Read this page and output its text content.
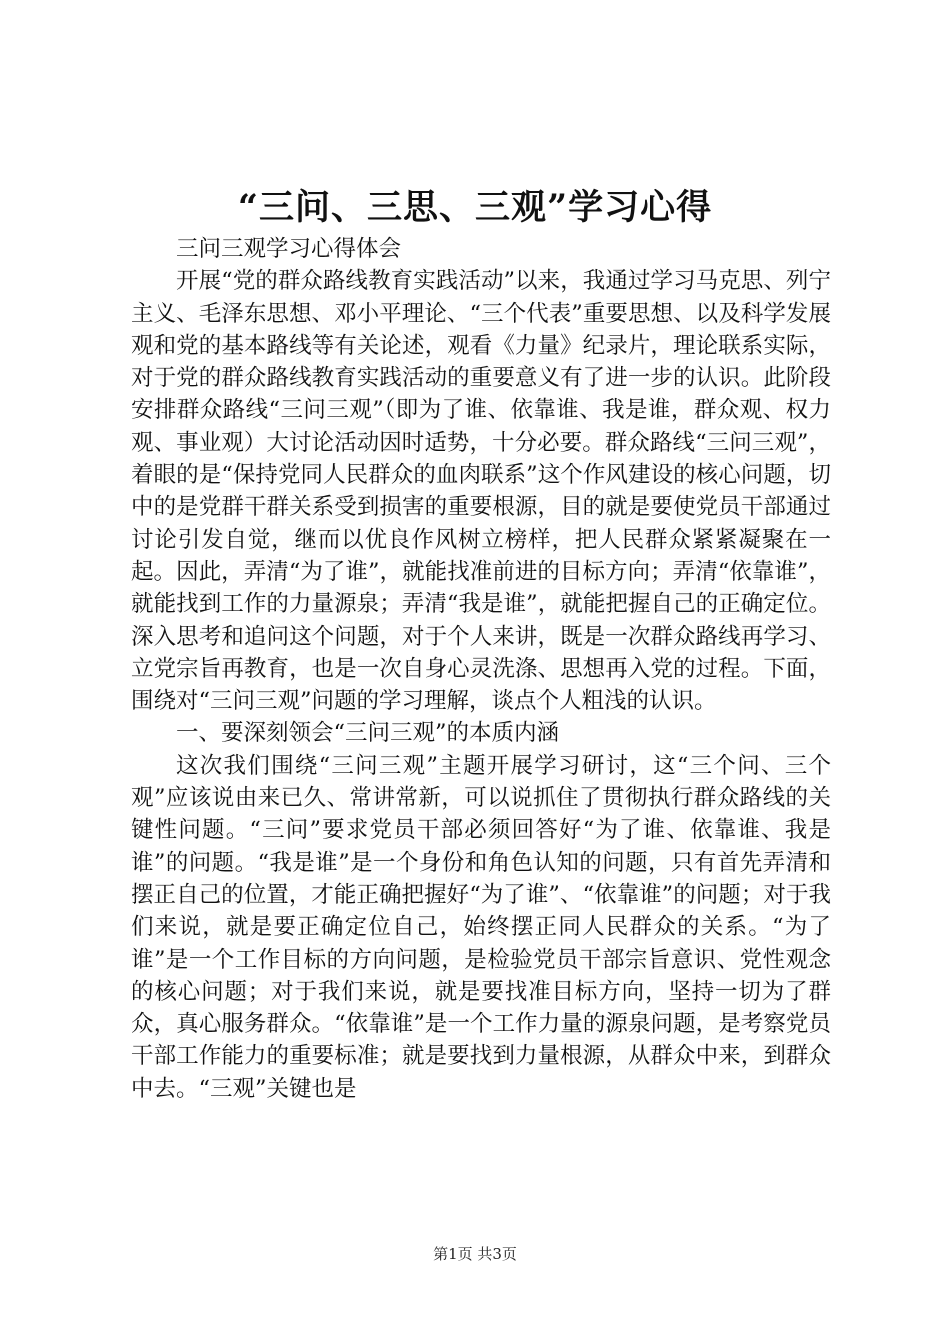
“三问、三思、三观”学习心得

三问三观学习心得体会

开展“党的群众路线教育实践活动”以来，我通过学习马克思、列宁主义、毛泽东思想、邓小平理论、“三个代表”重要思想、以及科学发展观和党的基本路线等有关论述，观看《力量》纪录片，理论联系实际，对于党的群众路线教育实践活动的重要意义有了进一步的认识。此阶段安排群众路线“三问三观”（即为了谁、依靠谁、我是谁，群众观、权力观、事业观）大讨论活动因时适势，十分必要。群众路线“三问三观”，着眼的是“保持党同人民群众的血肉联系”这个作风建设的核心问题，切中的是党群干群关系受到损害的重要根源，目的就是要使党员干部通过讨论引发自觉，继而以优良作风树立榜样，把人民群众紧紧凝聚在一起。因此，弄清“为了谁”，就能找准前进的目标方向；弄清“依靠谁”，就能找到工作的力量源泉；弄清“我是谁”，就能把握自己的正确定位。深入思考和追问这个问题，对于个人来讲，既是一次群众路线再学习、立党宗旨再教育，也是一次自身心灵洗涤、思想再入党的过程。下面，围绕对“三问三观”问题的学习理解，谈点个人粗浅的认识。

一、要深刻领会“三问三观”的本质内涵

这次我们围绕“三问三观”主题开展学习研讨，这“三个问、三个观”应该说由来已久、常讲常新，可以说抓住了贯彻执行群众路线的关键性问题。“三问”要求党员干部必须回答好“为了谁、依靠谁、我是谁”的问题。“我是谁”是一个身份和角色认知的问题，只有首先弄清和摆正自己的位置，才能正确把握好“为了谁”、“依靠谁”的问题；对于我们来说，就是要正确定位自己，始终摆正同人民群众的关系。“为了谁”是一个工作目标的方向问题，是检验党员干部宗旨意识、党性观念的核心问题；对于我们来说，就是要找准目标方向，坚持一切为了群众，真心服务群众。“依靠谁”是一个工作力量的源泉问题，是考察党员干部工作能力的重要标准；就是要找到力量根源，从群众中来，到群众中去。“三观”关键也是

第1页 共3页
